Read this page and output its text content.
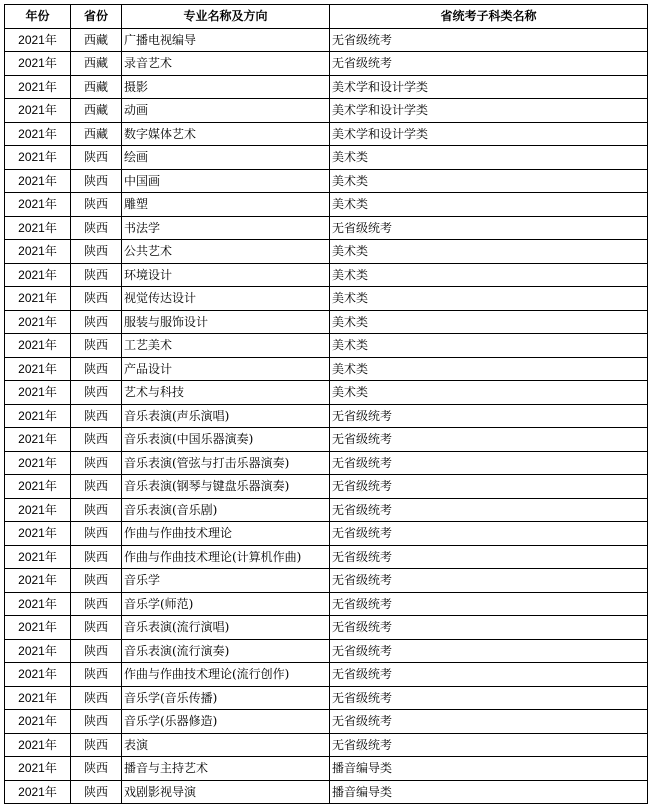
年份	省份	专业名称及方向	省统考子科类名称
2021年	西藏	广播电视编导	无省级统考
2021年	西藏	录音艺术	无省级统考
2021年	西藏	摄影	美术学和设计学类
2021年	西藏	动画	美术学和设计学类
2021年	西藏	数字媒体艺术	美术学和设计学类
2021年	陕西	绘画	美术类
2021年	陕西	中国画	美术类
2021年	陕西	雕塑	美术类
2021年	陕西	书法学	无省级统考
2021年	陕西	公共艺术	美术类
2021年	陕西	环境设计	美术类
2021年	陕西	视觉传达设计	美术类
2021年	陕西	服装与服饰设计	美术类
2021年	陕西	工艺美术	美术类
2021年	陕西	产品设计	美术类
2021年	陕西	艺术与科技	美术类
2021年	陕西	音乐表演(声乐演唱)	无省级统考
2021年	陕西	音乐表演(中国乐器演奏)	无省级统考
2021年	陕西	音乐表演(管弦与打击乐器演奏)	无省级统考
2021年	陕西	音乐表演(钢琴与键盘乐器演奏)	无省级统考
2021年	陕西	音乐表演(音乐剧)	无省级统考
2021年	陕西	作曲与作曲技术理论	无省级统考
2021年	陕西	作曲与作曲技术理论(计算机作曲)	无省级统考
2021年	陕西	音乐学	无省级统考
2021年	陕西	音乐学(师范)	无省级统考
2021年	陕西	音乐表演(流行演唱)	无省级统考
2021年	陕西	音乐表演(流行演奏)	无省级统考
2021年	陕西	作曲与作曲技术理论(流行创作)	无省级统考
2021年	陕西	音乐学(音乐传播)	无省级统考
2021年	陕西	音乐学(乐器修造)	无省级统考
2021年	陕西	表演	无省级统考
2021年	陕西	播音与主持艺术	播音编导类
2021年	陕西	戏剧影视导演	播音编导类
